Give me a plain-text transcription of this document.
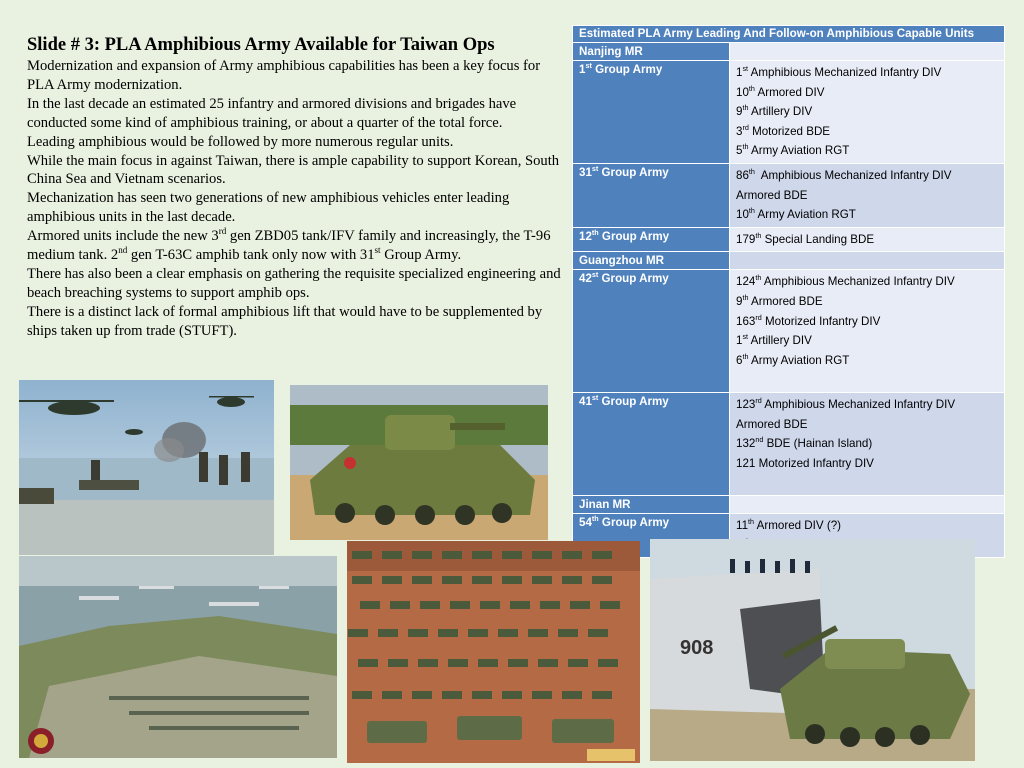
Slide # 3: PLA Amphibious Army Available for Taiwan Ops

Modernization and expansion of Army amphibious capabilities has been a key focus for PLA Army modernization.

In the last decade an estimated 25 infantry and armored divisions and brigades have conducted some kind of amphibious training, or about a quarter of the total force.

Leading amphibious would be followed by more numerous regular units.

While the main focus in against Taiwan, there is ample capability to support Korean, South China Sea and Vietnam scenarios.

Mechanization has seen two generations of new amphibious vehicles enter leading amphibious units in the last decade.

Armored units include the new 3rd gen ZBD05 tank/IFV family and increasingly, the T-96 medium tank. 2nd gen T-63C amphib tank only now with 31st Group Army.

There has also been a clear emphasis on gathering the requisite specialized engineering and beach breaching systems to support amphib ops.

There is a distinct lack of formal amphibious lift that would have to be supplemented by ships taken up from trade (STUFT).

Estimated PLA Army Leading And Follow-on Amphibious Capable Units	
Nanjing MR	
1st Group Army	1st Amphibious Mechanized Infantry DIV
10th Armored DIV
9th Artillery DIV
3rd Motorized BDE
5th Army Aviation RGT

31st Group Army	86th  Amphibious Mechanized Infantry DIV
Armored BDE
10th Army Aviation RGT

12th Group Army	179th Special Landing BDE

Guangzhou MR	
42st Group Army	124th Amphibious Mechanized Infantry DIV
9th Armored BDE
163rd Motorized Infantry DIV
1st Artillery DIV
6th Army Aviation RGT

41st Group Army	123rd Amphibious Mechanized Infantry DIV
Armored BDE
132nd BDE (Hainan Island)
121 Motorized Infantry DIV

Jinan MR	
54th Group Army	11th Armored DIV (?)
908
